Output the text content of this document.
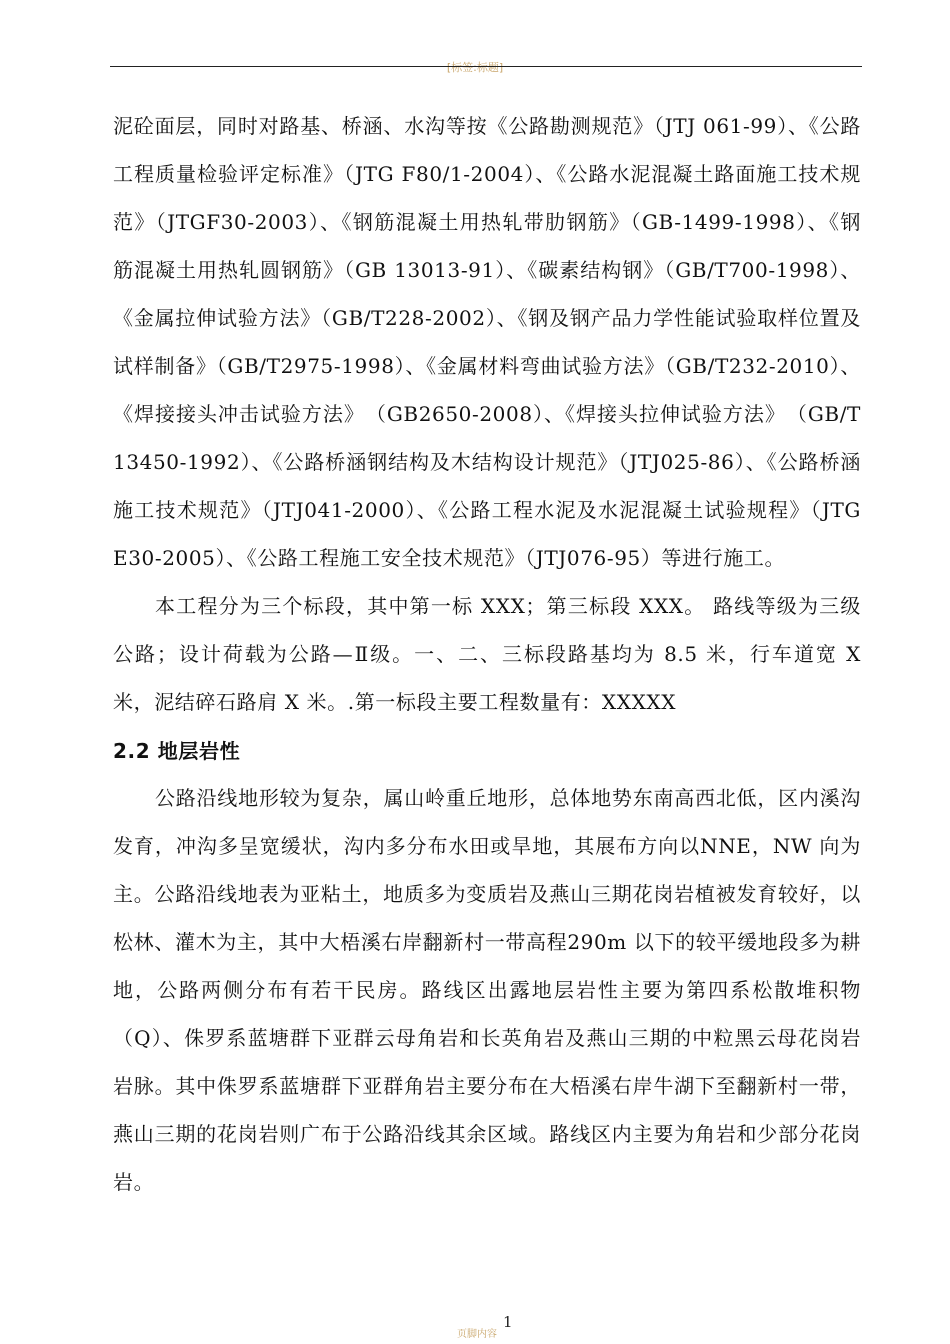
[标签:标题]

泥砼面层，同时对路基、桥涵、水沟等按《公路勘测规范》（JTJ 061-99）、《公路工程质量检验评定标准》（JTG F80/1-2004）、《公路水泥混凝土路面施工技术规范》（JTGF30-2003）、《钢筋混凝土用热轧带肋钢筋》（GB-1499-1998）、《钢筋混凝土用热轧圆钢筋》（GB 13013-91）、《碳素结构钢》（GB/T700-1998）、《金属拉伸试验方法》（GB/T228-2002）、《钢及钢产品力学性能试验取样位置及试样制备》（GB/T2975-1998）、《金属材料弯曲试验方法》（GB/T232-2010）、《焊接接头冲击试验方法》　（GB2650-2008）、《焊接头拉伸试验方法》　（GB/T 13450-1992）、《公路桥涵钢结构及木结构设计规范》（JTJ025-86）、《公路桥涵施工技术规范》（JTJ041-2000）、《公路工程水泥及水泥混凝土试验规程》（JTG E30-2005）、《公路工程施工安全技术规范》（JTJ076-95）等进行施工。

本工程分为三个标段，其中第一标 XXX；第三标段 XXX。 路线等级为三级公路；设计荷载为公路—Ⅱ级。一、二、三标段路基均为 8.5 米，行车道宽 X 米，泥结碎石路肩 X 米。.第一标段主要工程数量有：XXXXX

2.2 地层岩性

公路沿线地形较为复杂，属山岭重丘地形，总体地势东南高西北低，区内溪沟发育，冲沟多呈宽缓状，沟内多分布水田或旱地，其展布方向以NNE，NW 向为主。公路沿线地表为亚粘土，地质多为变质岩及燕山三期花岗岩植被发育较好，以松林、灌木为主，其中大梧溪右岸翻新村一带高程290m 以下的较平缓地段多为耕地，公路两侧分布有若干民房。路线区出露地层岩性主要为第四系松散堆积物（Q）、侏罗系蓝塘群下亚群云母角岩和长英角岩及燕山三期的中粒黑云母花岗岩岩脉。其中侏罗系蓝塘群下亚群角岩主要分布在大梧溪右岸牛湖下至翻新村一带，燕山三期的花岗岩则广布于公路沿线其余区域。路线区内主要为角岩和少部分花岗岩。

页脚内容
1
